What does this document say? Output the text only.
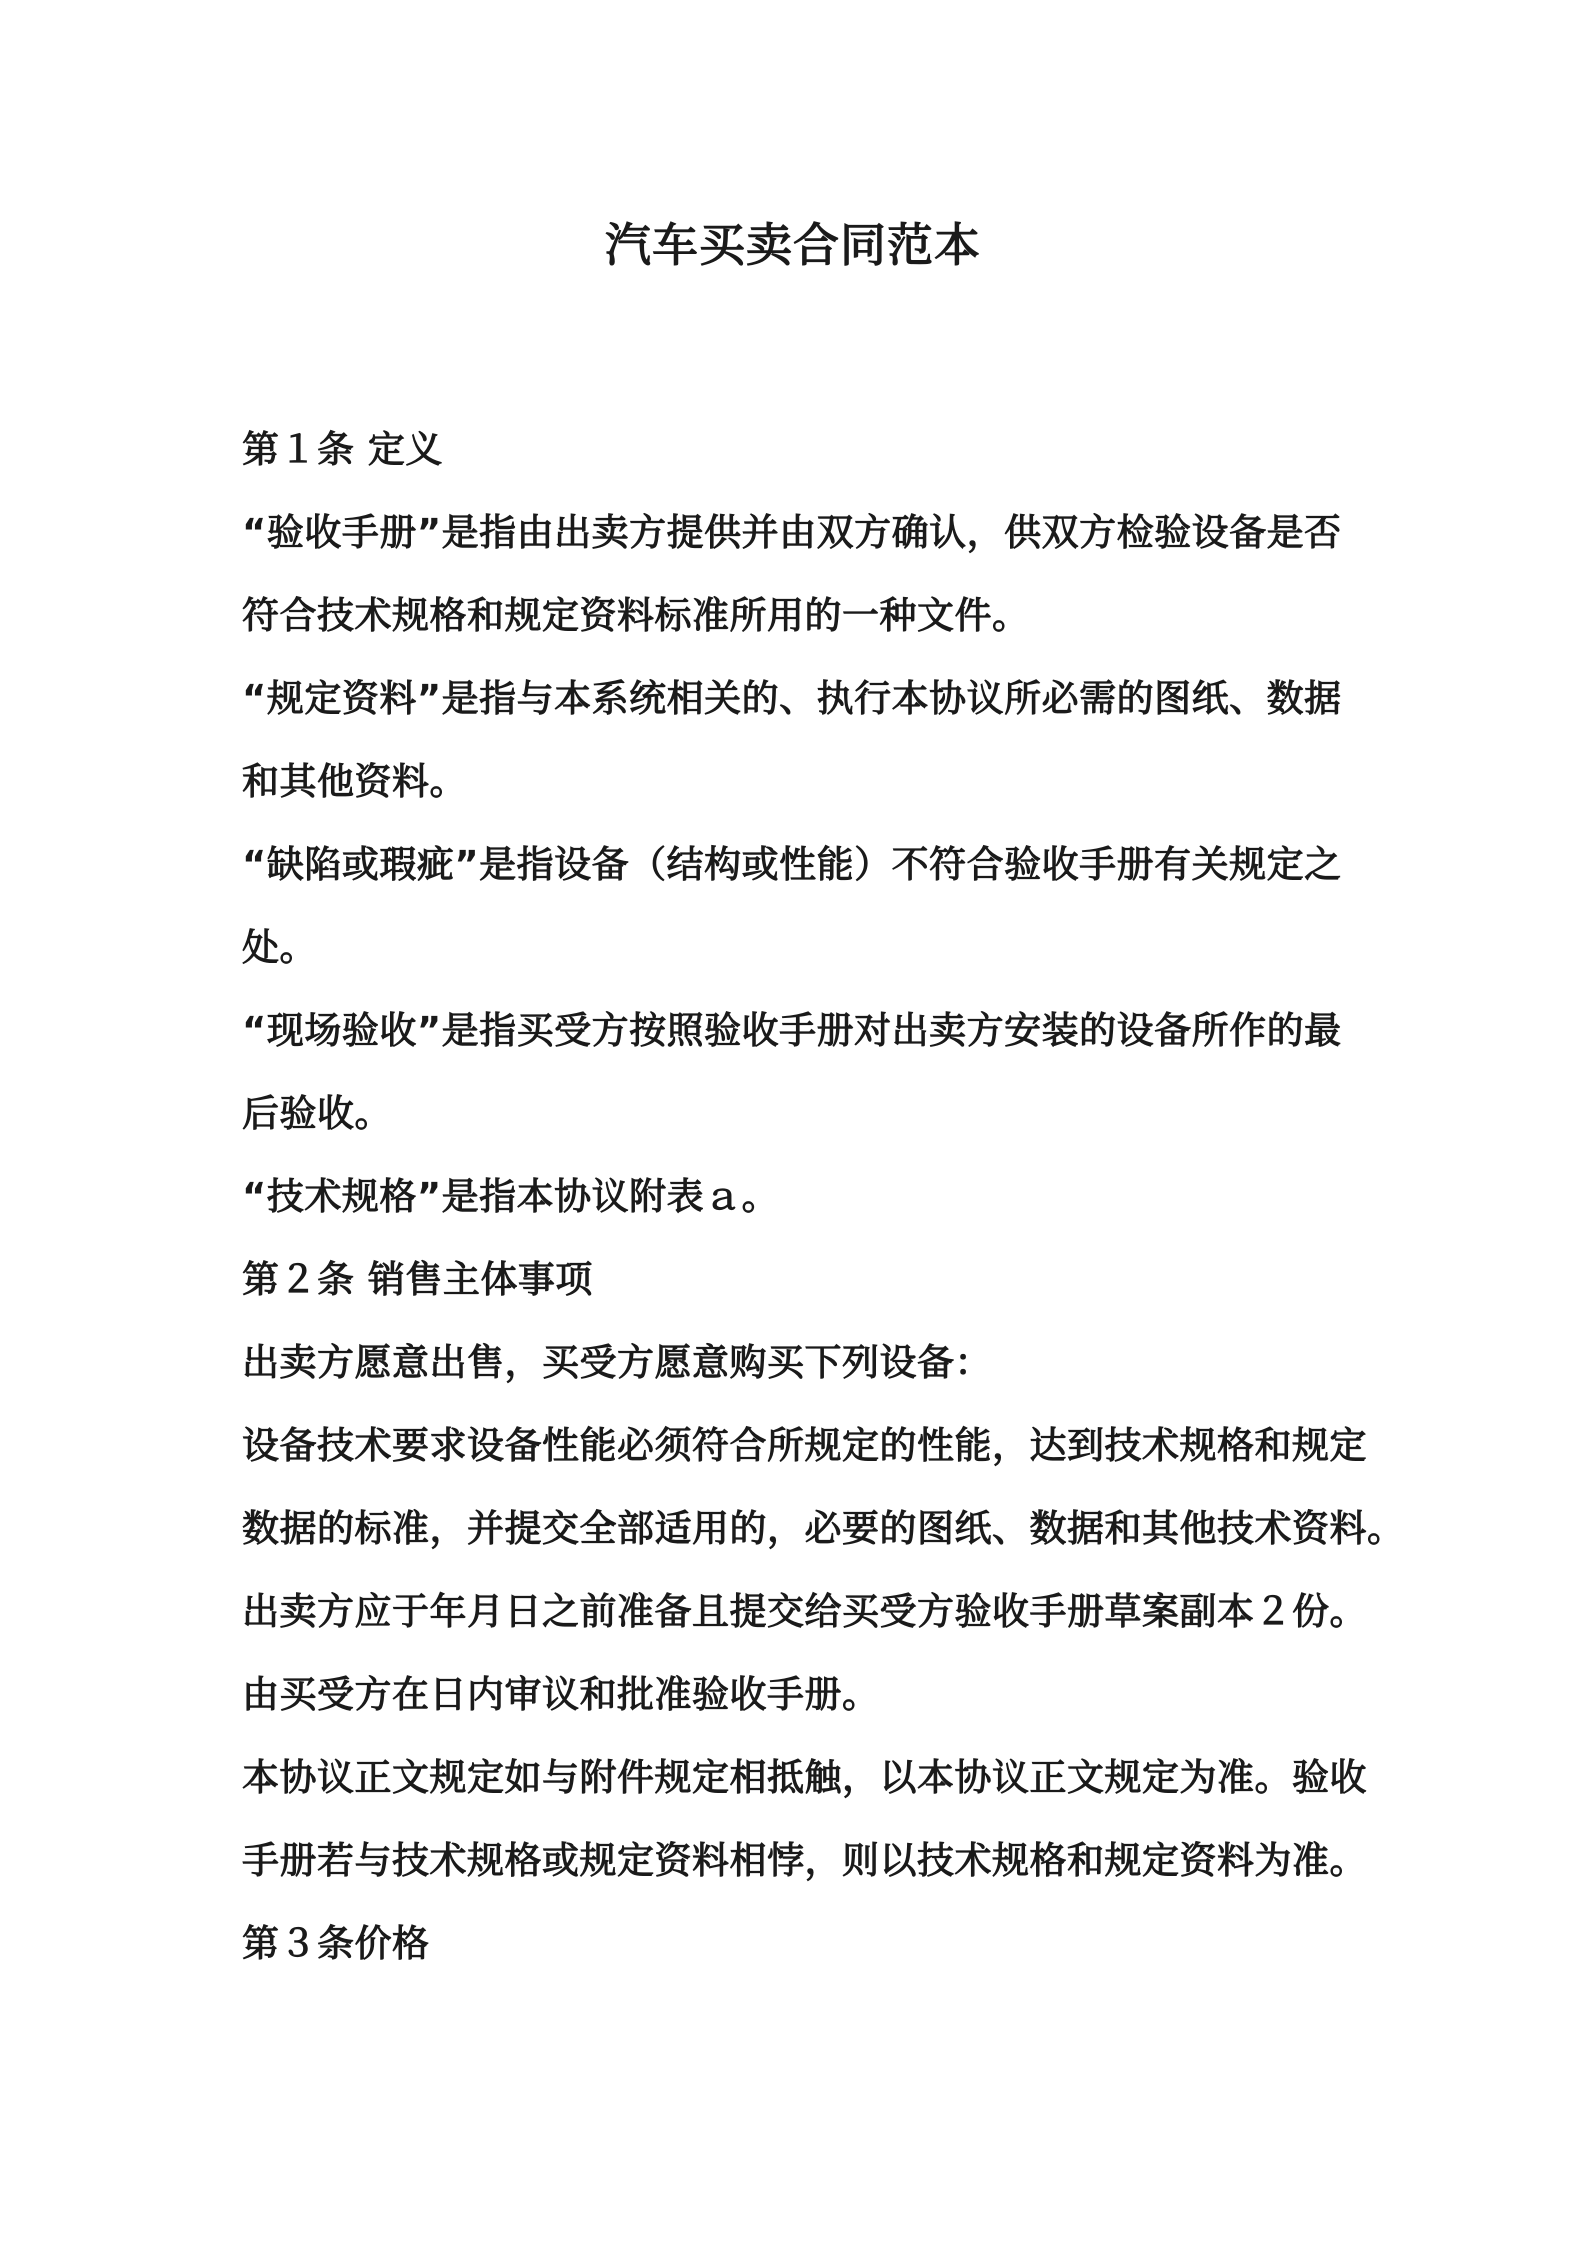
汽车买卖合同范本
第１条 定义
“验收手册”是指由出卖方提供并由双方确认，供双方检验设备是否
符合技术规格和规定资料标准所用的一种文件。
“规定资料”是指与本系统相关的、执行本协议所必需的图纸、数据
和其他资料。
“缺陷或瑕疵”是指设备（结构或性能）不符合验收手册有关规定之
处。
“现场验收”是指买受方按照验收手册对出卖方安装的设备所作的最
后验收。
“技术规格”是指本协议附表ａ。
第２条 销售主体事项
出卖方愿意出售，买受方愿意购买下列设备：
设备技术要求设备性能必须符合所规定的性能，达到技术规格和规定
数据的标准，并提交全部适用的，必要的图纸、数据和其他技术资料。
出卖方应于年月日之前准备且提交给买受方验收手册草案副本２份。
由买受方在日内审议和批准验收手册。
本协议正文规定如与附件规定相抵触，以本协议正文规定为准。验收
手册若与技术规格或规定资料相悖，则以技术规格和规定资料为准。
第３条价格
